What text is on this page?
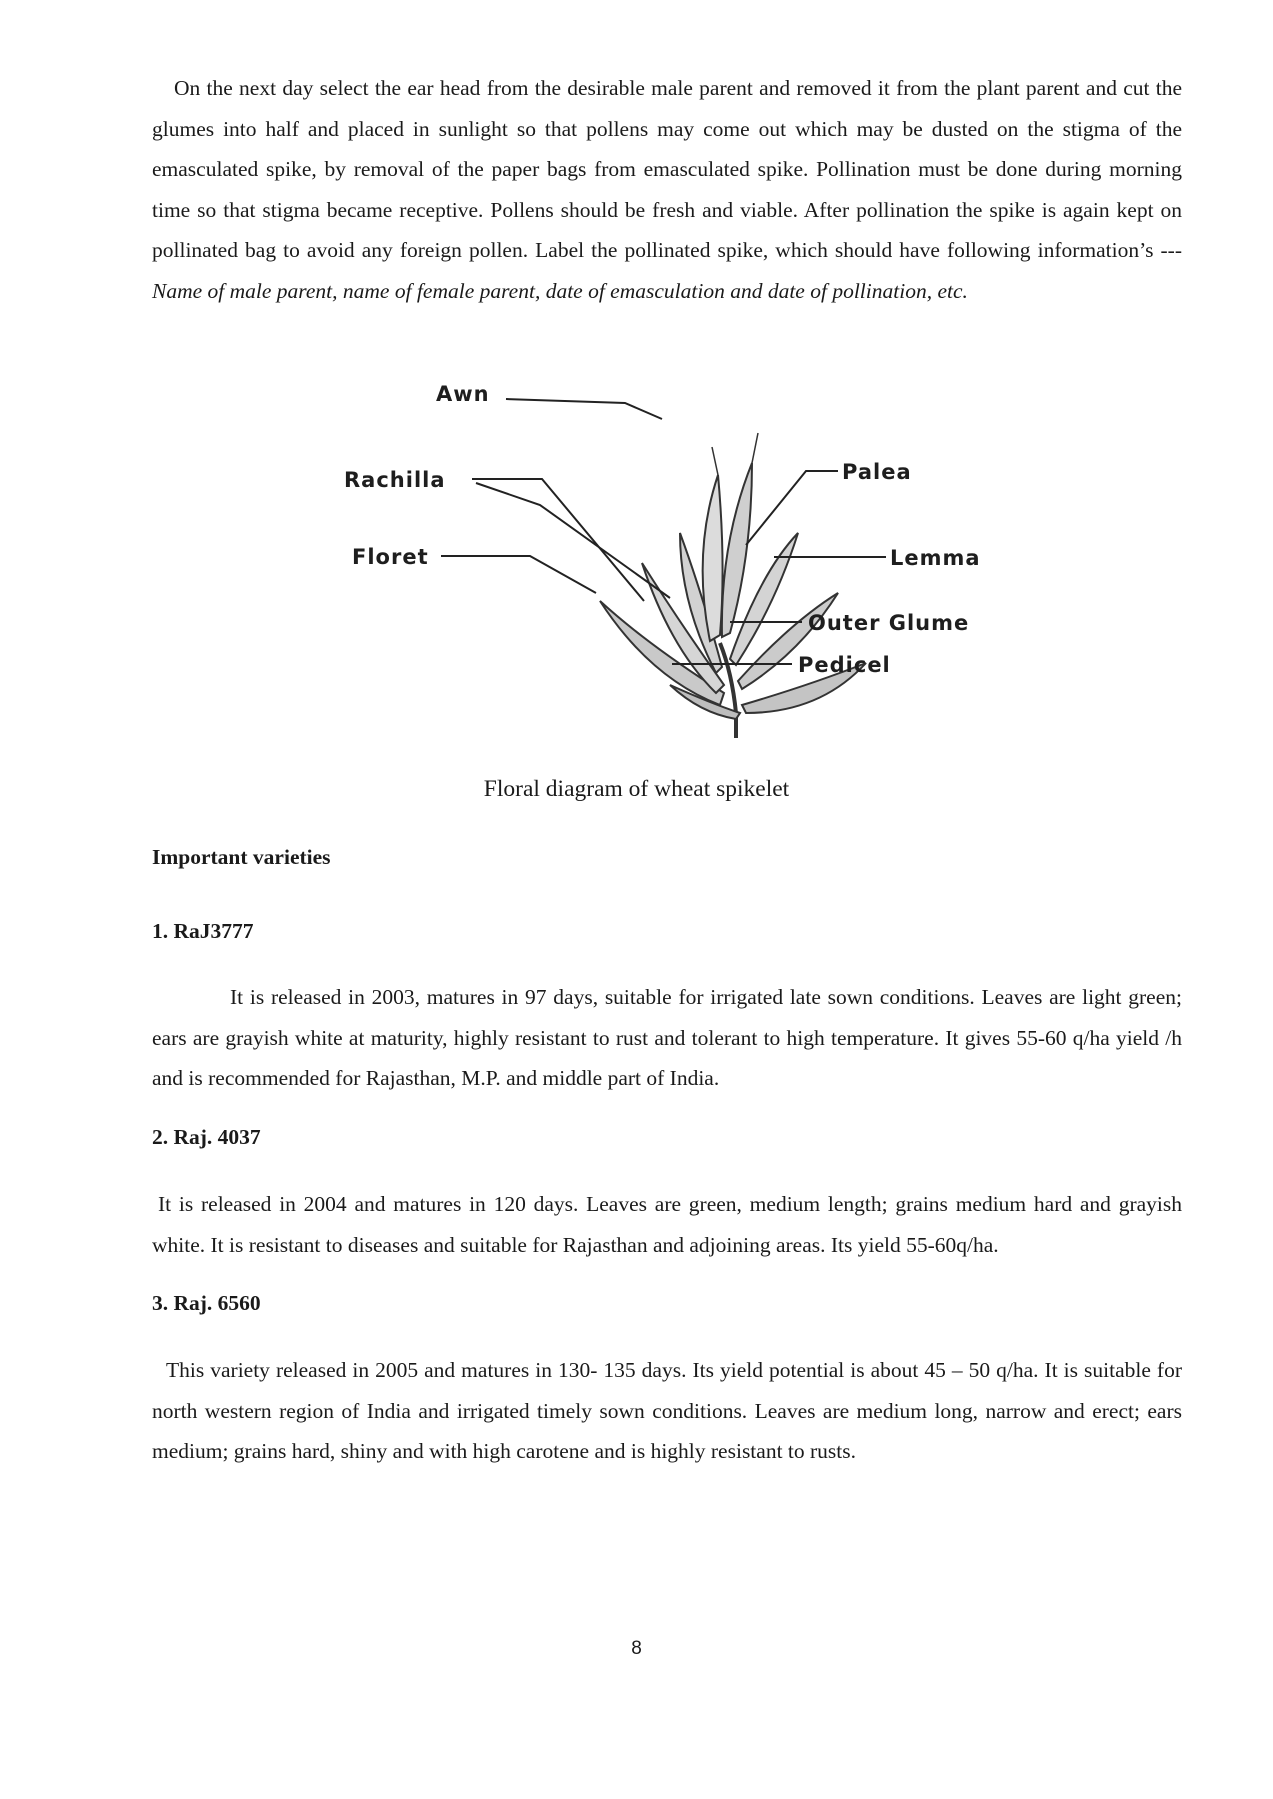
On the next day select the ear head from the desirable male parent and removed it from the plant parent and cut the glumes into half and placed in sunlight so that pollens may come out which may be dusted on the stigma of the emasculated spike, by removal of the paper bags from emasculated spike. Pollination must be done during morning time so that stigma became receptive. Pollens should be fresh and viable. After pollination the spike is again kept on pollinated bag to avoid any foreign pollen. Label the pollinated spike, which should have following information’s --- Name of male parent, name of female parent, date of emasculation and date of pollination, etc.

Awn
Rachilla
Floret
Palea
Lemma
Outer Glume
Pedicel

Floral diagram of wheat spikelet

Important varieties

1. RaJ3777

It is released in 2003, matures in 97 days, suitable for irrigated late sown conditions. Leaves are light green; ears are grayish white at maturity, highly resistant to rust and tolerant to high temperature. It gives 55-60 q/ha yield /h and is recommended for Rajasthan, M.P. and middle part of India.

2. Raj. 4037

It is released in 2004 and matures in 120 days. Leaves are green, medium length; grains medium hard and grayish white. It is resistant to diseases and suitable for Rajasthan and adjoining areas. Its yield 55-60q/ha.

3. Raj. 6560

This variety released in 2005 and matures in 130- 135 days. Its yield potential is about 45 – 50 q/ha. It is suitable for north western region of India and irrigated timely sown conditions. Leaves are medium long, narrow and erect; ears medium; grains hard, shiny and with high carotene and is highly resistant to rusts.

8
